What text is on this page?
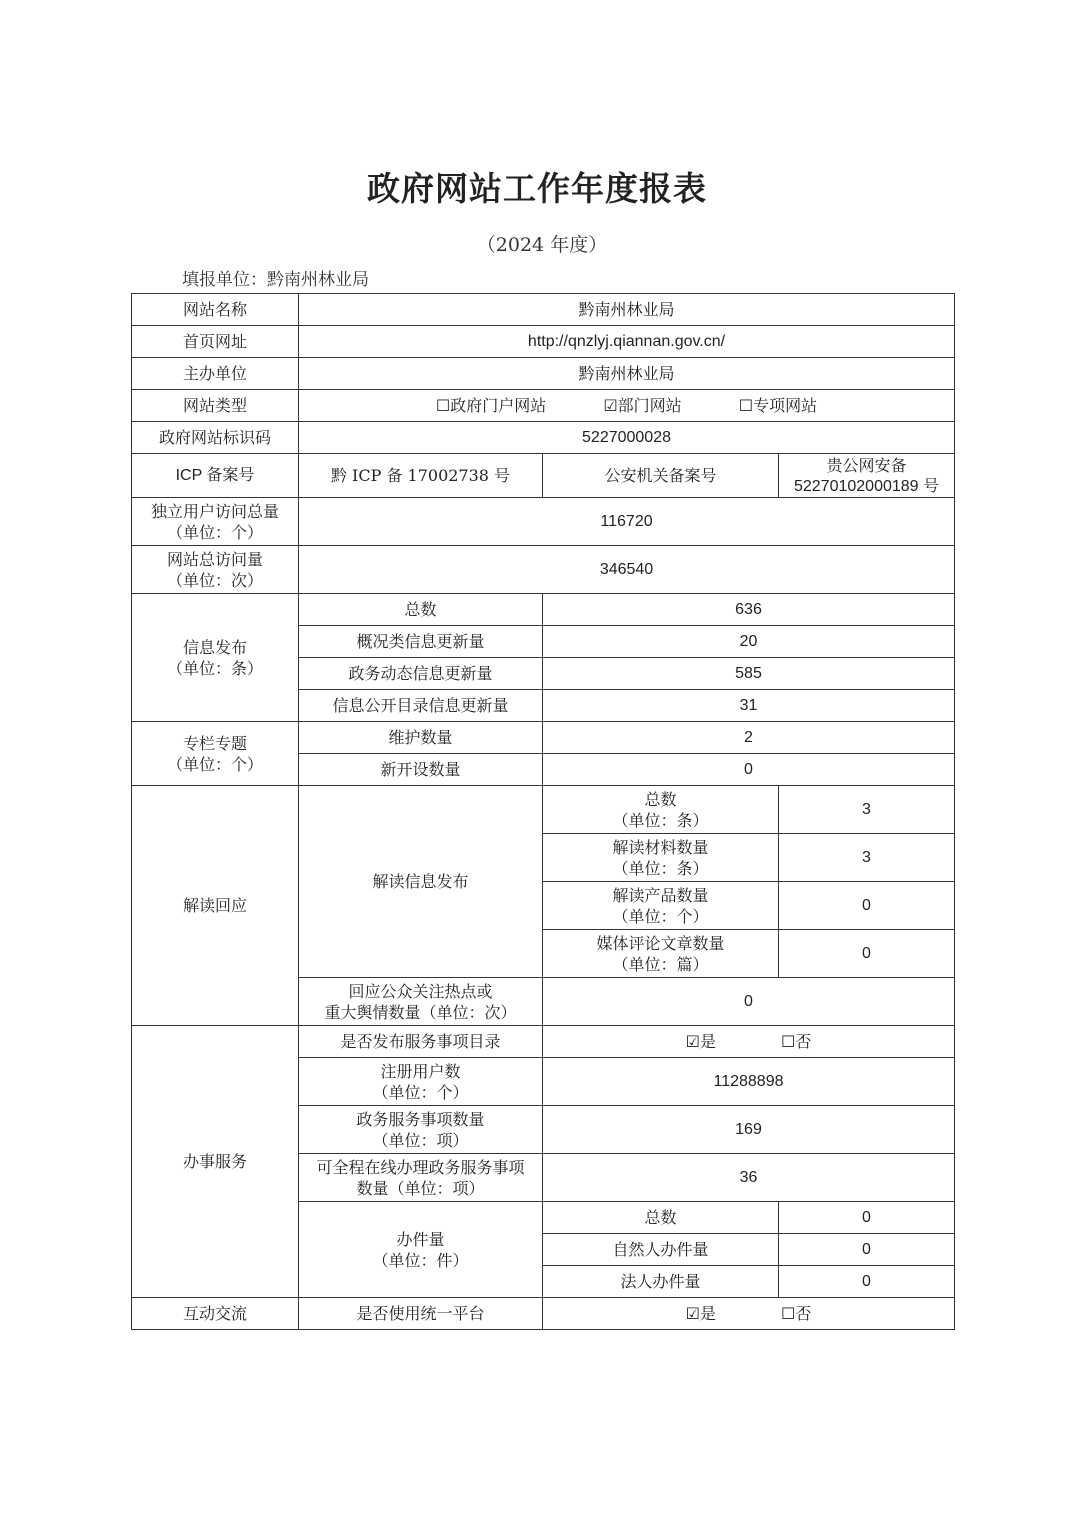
政府网站工作年度报表
（2024 年度）
填报单位：黔南州林业局
网站名称	黔南州林业局		
首页网址	http://qnzlyj.qiannan.gov.cn/		
主办单位	黔南州林业局		
网站类型	☐政府门户网站 ☑部门网站 ☐专项网站		
政府网站标识码	5227000028		
ICP 备案号	黔 ICP 备 17002738 号	公安机关备案号	贵公网安备
52270102000189 号

独立用户访问总量
（单位：个）	116720		

网站总访问量
（单位：次）	346540		

信息发布
（单位：条）	总数	636	
	概况类信息更新量	20	
	政务动态信息更新量	585	
	信息公开目录信息更新量	31	

专栏专题
（单位：个）	维护数量	2	
	新开设数量	0	
解读回应	解读信息发布	总数
（单位：条）	3

		解读材料数量
（单位：条）	3

		解读产品数量
（单位：个）	0

		媒体评论文章数量
（单位：篇）	0

	回应公众关注热点或
重大舆情数量（单位：次）	0	
办事服务	是否发布服务事项目录	☑是 ☐否	

	注册用户数
（单位：个）	11288898	

	政务服务事项数量
（单位：项）	169	

	可全程在线办理政务服务事项
数量（单位：项）	36	

	办件量
（单位：件）	总数	0
		自然人办件量	0
		法人办件量	0
互动交流	是否使用统一平台	☑是 ☐否	
